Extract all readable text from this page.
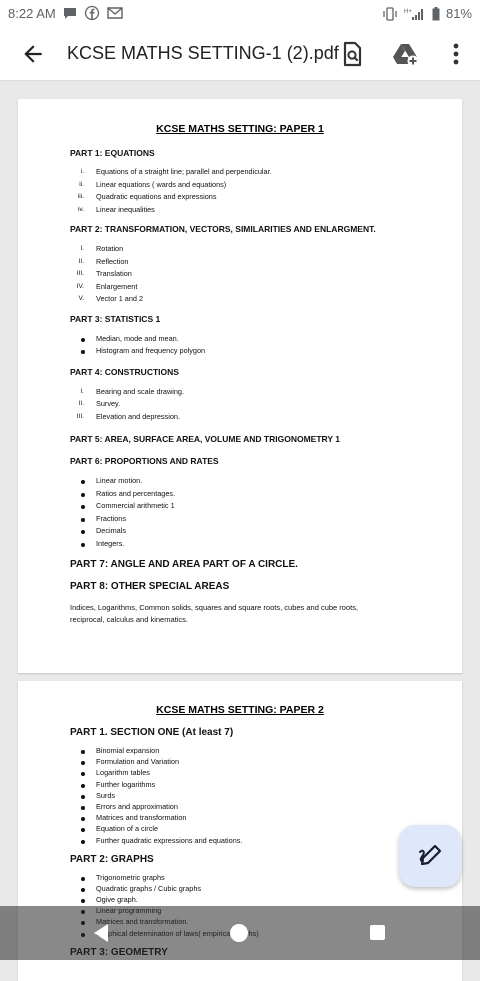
8:22 AM	H+	81%
KCSE MATHS SETTING-1 (2).pdf

KCSE MATHS SETTING: PAPER 1

PART 1: EQUATIONS

i. Equations of a straight line; parallel and perpendicular.
ii. Linear equations ( wards and equations)
iii. Quadratic equations and expressions
iv. Linear inequalities

PART 2: TRANSFORMATION, VECTORS, SIMILARITIES AND ENLARGMENT.

I. Rotation
II. Reflection
III. Translation
IV. Enlargement
V. Vector 1 and 2

PART 3: STATISTICS 1

Median, mode and mean.
Histogram and frequency polygon

PART 4: CONSTRUCTIONS

I. Bearing and scale drawing.
II. Survey.
III. Elevation and depression.

PART 5: AREA, SURFACE AREA, VOLUME AND TRIGONOMETRY 1

PART 6: PROPORTIONS AND RATES

Linear motion.
Ratios and percentages.
Commercial arithmetic 1
Fractions
Decimals
Integers.

PART 7: ANGLE AND AREA PART OF A CIRCLE.

PART 8: OTHER SPECIAL AREAS

Indices, Logarithms, Common solids, squares and square roots, cubes and cube roots,

reciprocal, calculus and kinematics.

KCSE MATHS SETTING: PAPER 2

PART 1. SECTION ONE (At least 7)

Binomial expansion
Formulation and Variation
Logarithm tables
Further logarithms
Surds
Errors and approximation
Matrices and transformation
Equation of a circle
Further quadratic expressions and equations.

PART 2: GRAPHS

Trigonometric graphs
Quadratic graphs / Cubic graphs
Ogive graph.
